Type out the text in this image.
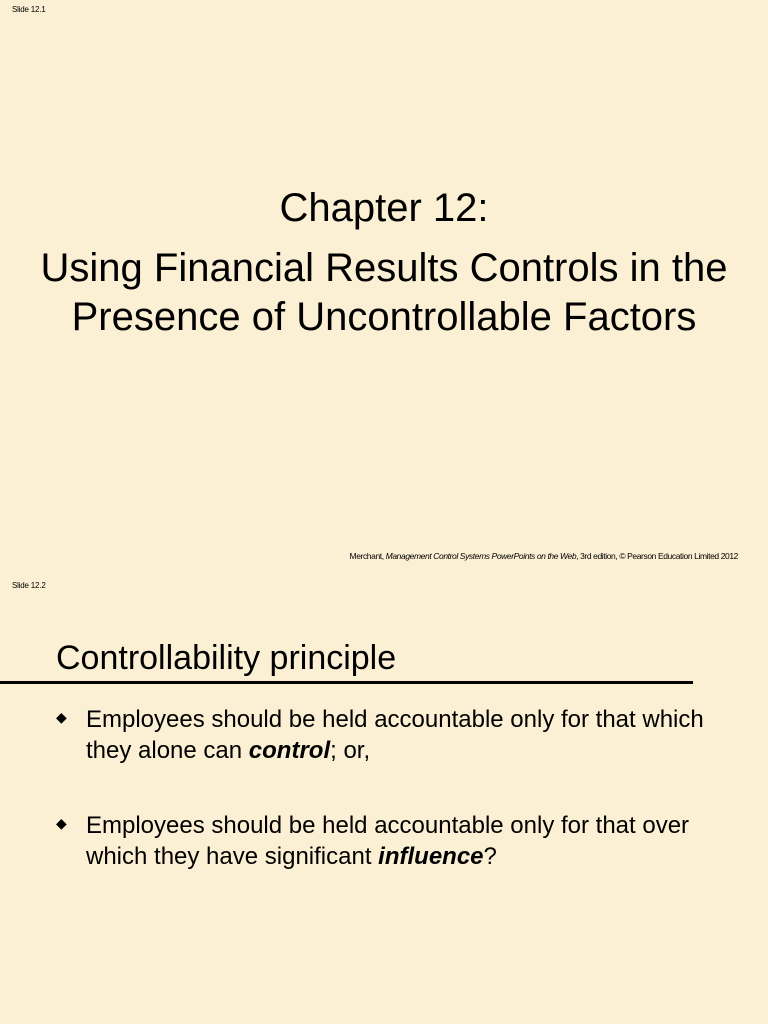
Slide 12.1
Chapter 12:
Using Financial Results Controls in the Presence of Uncontrollable Factors
Merchant, Management Control Systems PowerPoints on the Web, 3rd edition, © Pearson Education Limited 2012
Slide 12.2
Controllability principle
◆ Employees should be held accountable only for that which they alone can control; or,
◆ Employees should be held accountable only for that over which they have significant influence?
